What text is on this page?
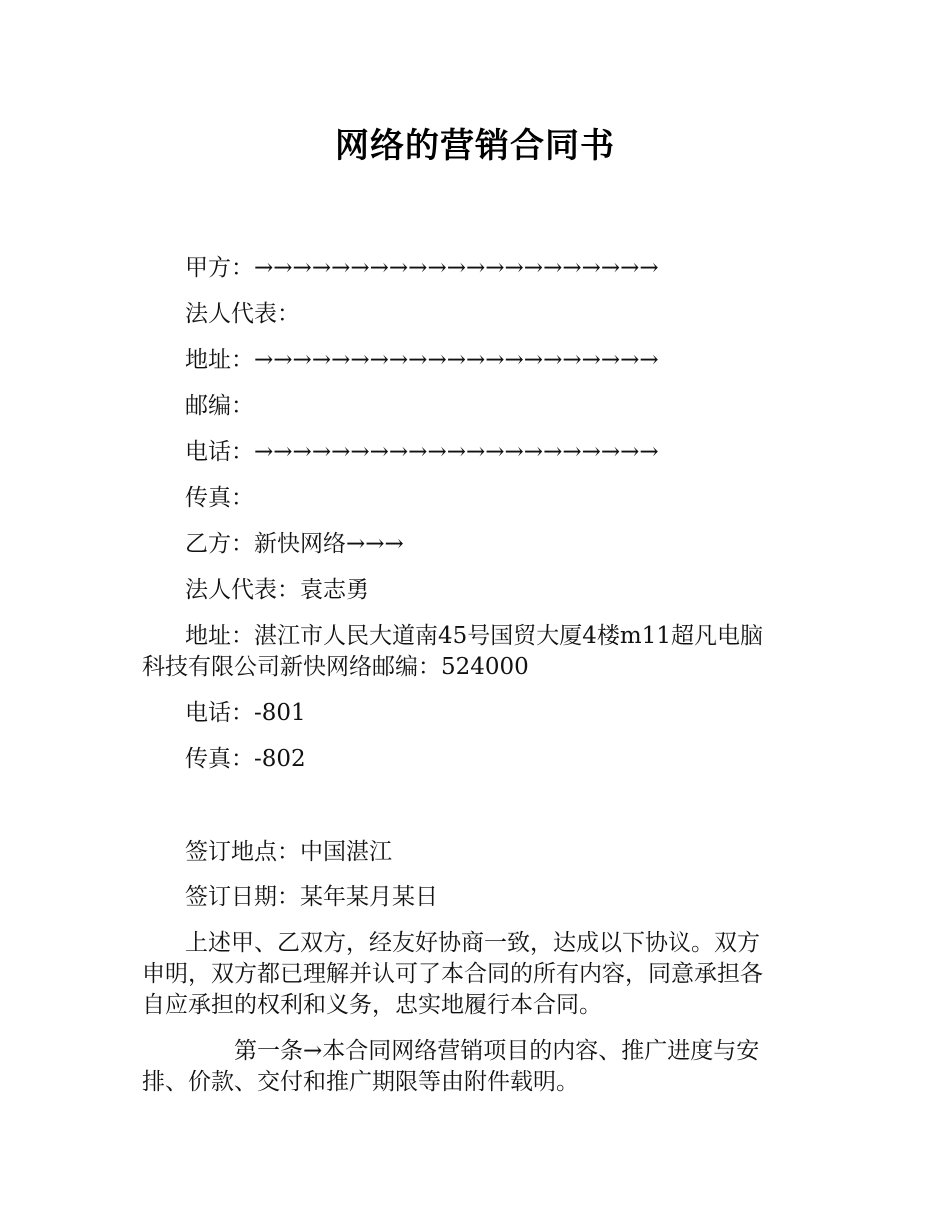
网络的营销合同书
甲方：→→→→→→→→→→→→→→→→→→→→→
法人代表：
地址：→→→→→→→→→→→→→→→→→→→→→
邮编：
电话：→→→→→→→→→→→→→→→→→→→→→
传真：
乙方：新快网络→→→
法人代表：袁志勇
地址：湛江市人民大道南45号国贸大厦4楼m11超凡电脑
科技有限公司新快网络邮编：524000
电话：-801
传真：-802
签订地点：中国湛江
签订日期：某年某月某日
上述甲、乙双方，经友好协商一致，达成以下协议。双方
申明，双方都已理解并认可了本合同的所有内容，同意承担各
自应承担的权利和义务，忠实地履行本合同。
第一条→本合同网络营销项目的内容、推广进度与安
排、价款、交付和推广期限等由附件载明。
